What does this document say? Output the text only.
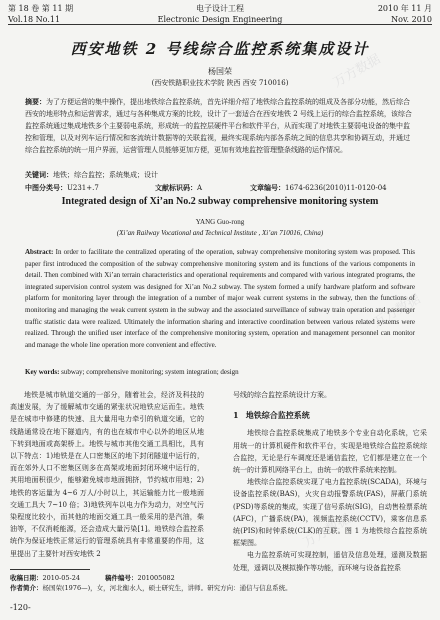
第 18 卷 第 11 期
Vol.18 No.11
电子设计工程
Electronic Design Engineering
2010 年 11 月
Nov. 2010
西安地铁 2 号线综合监控系统集成设计
杨国荣
(西安铁路职业技术学院 陕西 西安 710016)
摘要：为了方便运营的集中操作，提出地铁综合监控系统，首先详细介绍了地铁综合监控系统的组成及各部分功能，然后综合西安的地形特点和运营需求，通过与各种集成方案的比较，设计了一套适合在西安地铁 2 号线上运行的综合监控系统，该综合监控系统通过集成地铁多个主要弱电系统，形成统一的监控层硬件平台和软件平台，从而实现了对地铁主要弱电设备的集中监控和管理，以及对列车运行情况和客流统计数据等的关联监视，最终实现系统内部各系统之间的信息共享和协调互动，并通过综合监控系统的统一用户界面，运营管理人员能够更加方便，更加有效地监控管理整条线路的运作情况。
关键词：地铁；综合监控；系统集成；设计
中图分类号：U231+.7	文献标识码：A	文章编号：1674-6236(2010)11-0120-04
Integrated design of Xi’an No.2 subway comprehensive monitoring system
YANG Guo-rong
(Xi’an Railway Vocational and Technical Institute , Xi’an 710016, China)
Abstract: In order to facilitate the centralized operating of the operation, subway comprehensive monitoring system was proposed. This paper first introduced the composition of the subway comprehensive monitoring system and its functions of the various components in detail. Then combined with Xi’an terrain characteristics and operational requirements and compared with various integrated programs, the integrated supervision control system was designed for Xi’an No.2 subway. The system formed a unify hardware platform and software platform for monitoring layer through the integration of a number of major weak current systems in the subway, then the functions of monitoring and managing the weak current system in the subway and the associated surveillance of subway train operation and passenger traffic statistic data were realized. Ultimately the information sharing and interactive coordination between various related systems were realized. Through the unified user interface of the comprehensive monitoring system, operation and management personnel can monitor and manage the whole line operation more convenient and effective.
Key words: subway; comprehensive monitoring; system integration; design

地铁是城市轨道交通的一部分，随着社会，经济及科技的高速发展，为了缓解城市交通的紧张状况地铁应运而生。地铁是在城市中修建的快速、且大量用电力牵引的轨道交通，它的线路通常设在地下隧道内，有的也在城市中心以外的地区从地下转到地面或高架桥上。地铁与城市其他交通工具相比，具有以下特点：1)地铁是在人口密集区的地下封闭隧道中运行的，而在郊外人口不密集区则多在高架或地面封闭环境中运行的，其用地面积很少，能够避免城市地面拥挤，节约城市用地；2)地铁的客运量为 4~6 万人/小时以上，其运输能力比一般地面交通工具大 7~10 倍；3)地铁列车以电力作为动力，对空气污染程度比较小，而其他的地面交通工具一般采用的是汽油，柴油等，不仅消耗能源，还会造成大量污染[1]。地铁综合监控系统作为保证地铁正常运行的管理系统具有非常重要的作用，这里提出了主要针对西安地铁 2

号线的综合监控系统设计方案。

1 地铁综合监控系统

地铁综合监控系统集成了地铁多个专业自动化系统，它采用统一的计算机硬件和软件平台，实现是地铁综合监控系统综合监控，无论是行车调度还是通信监控，它们都是建立在一个统一的计算机网络平台上，由统一的软件系统来控制。

地铁综合监控系统实现了电力监控系统(SCADA)，环境与设备监控系统(BAS)，火灾自动报警系统(FAS)，屏蔽门系统(PSD)等系统的集成，实现了信号系统(SIG)，自动售检票系统(AFC)，广播系统(PA)，视频监控系统(CCTV)，乘客信息系统(PIS)和时钟系统(CLK)的互联。图 1 为地铁综合监控系统框架图。

电力监控系统可实现控制，遥信及信息处理，遥测及数据处理，遥调以及模拟操作等功能，而环境与设备监控系

收稿日期：2010-05-24	稿件编号：201005082
作者简介：杨国荣(1976—)，女，河北衡水人，硕士研究生，讲师。研究方向：通信与信息系统。
-120-
万方数据
万方数据
万方数据
